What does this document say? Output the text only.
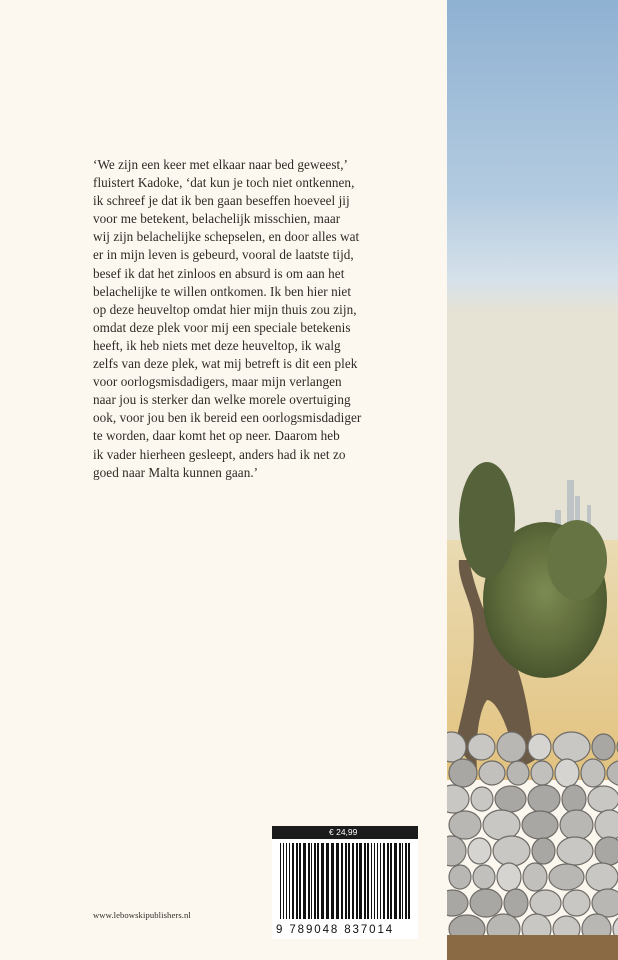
‘We zijn een keer met elkaar naar bed geweest,’
fluistert Kadoke, ‘dat kun je toch niet ontkennen,
ik schreef je dat ik ben gaan beseffen hoeveel jij
voor me betekent, belachelijk misschien, maar
wij zijn belachelijke schepselen, en door alles wat
er in mijn leven is gebeurd, vooral de laatste tijd,
besef ik dat het zinloos en absurd is om aan het
belachelijke te willen ontkomen. Ik ben hier niet
op deze heuveltop omdat hier mijn thuis zou zijn,
omdat deze plek voor mij een speciale betekenis
heeft, ik heb niets met deze heuveltop, ik walg
zelfs van deze plek, wat mij betreft is dit een plek
voor oorlogsmisdadigers, maar mijn verlangen
naar jou is sterker dan welke morele overtuiging
ook, voor jou ben ik bereid een oorlogsmisdadiger
te worden, daar komt het op neer. Daarom heb
ik vader hierheen gesleept, anders had ik net zo
goed naar Malta kunnen gaan.’
€ 24,99
9 789048 837014
www.lebowskipublishers.nl
